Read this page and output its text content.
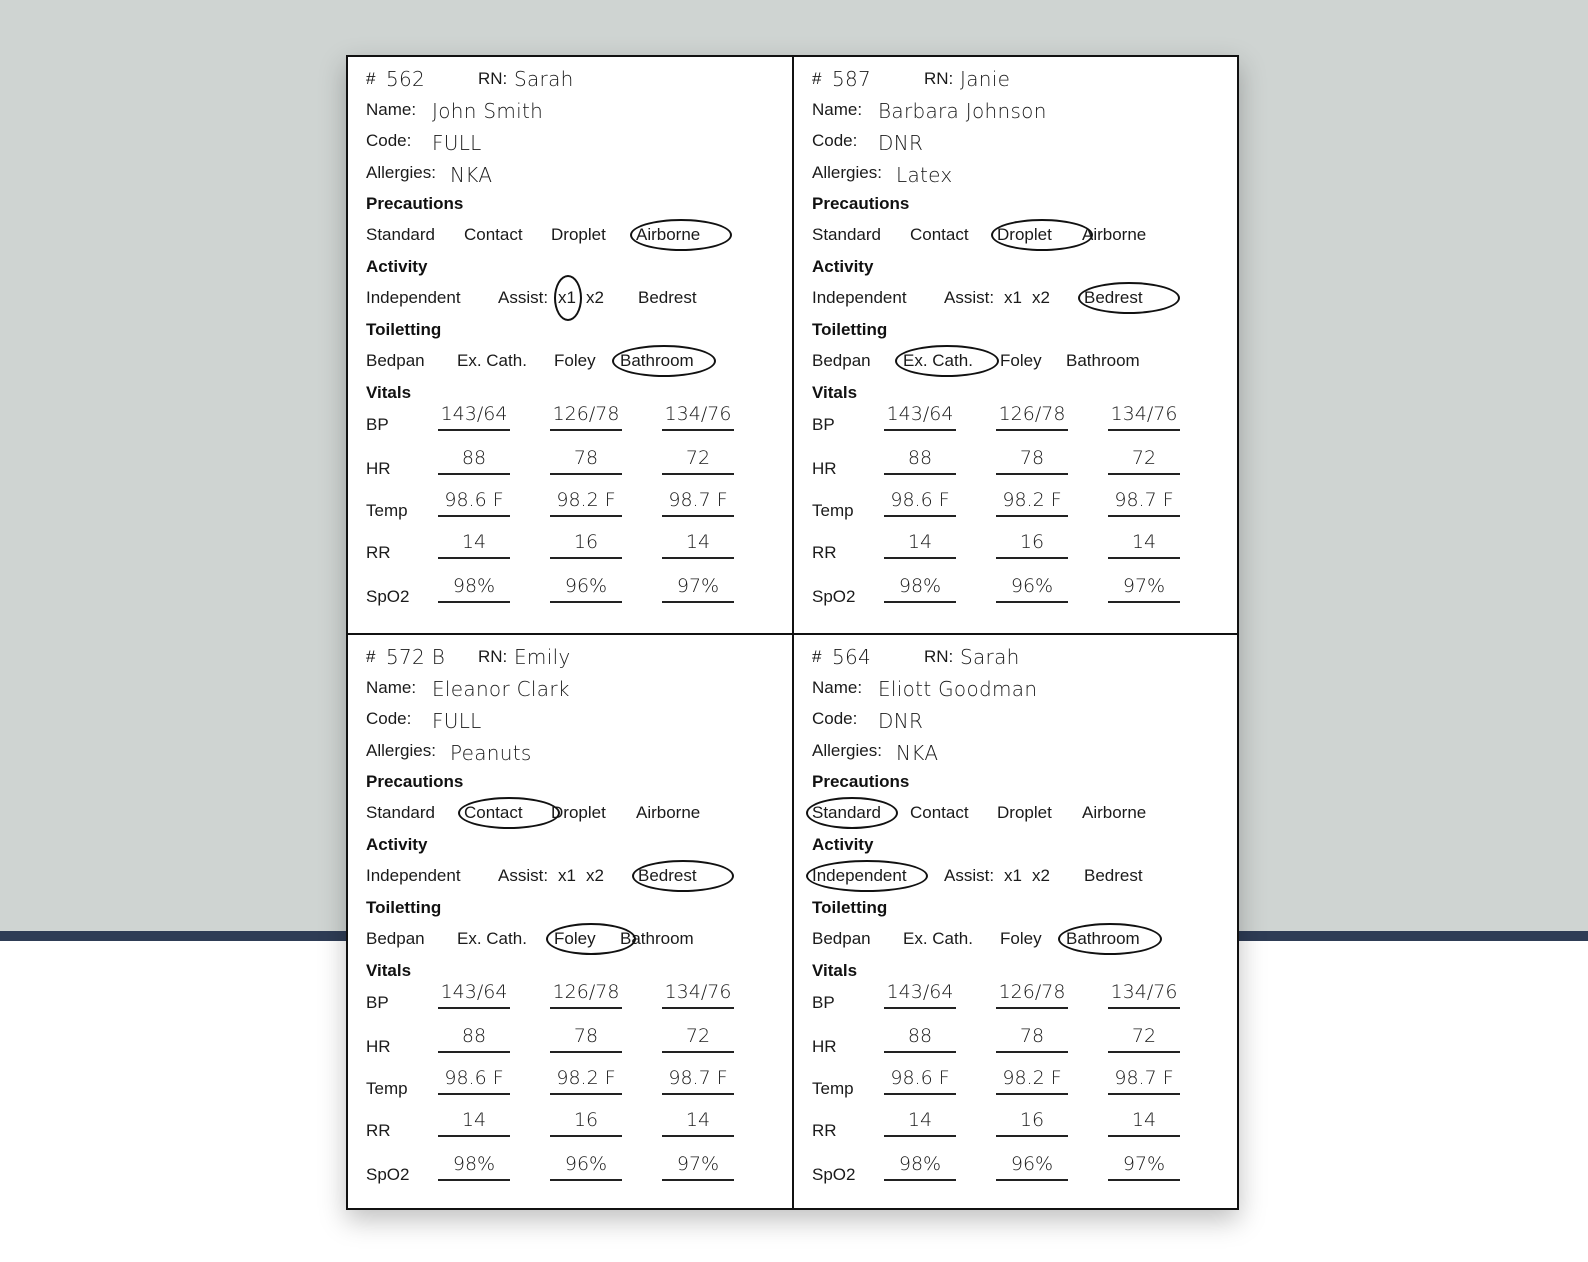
# 562	RN: Sarah
Name: John Smith
Code: FULL
Allergies: NKA
Precautions
Standard Contact Droplet Airborne
Activity
Independent Assist: x1 x2 Bedrest
Toiletting
Bedpan Ex. Cath. Foley Bathroom
Vitals
BP	143/64 126/78 134/76
HR	88	78	72
Temp	98.6 F	98.2 F	98.7 F
RR	14	16	14
SpO2	98%	96%	97%
# 587	RN: Janie
Name: Barbara Johnson
Code: DNR
Allergies: Latex
Precautions
Standard Contact Droplet Airborne
Activity
Independent Assist: x1 x2 Bedrest
Toiletting
Bedpan Ex. Cath. Foley Bathroom
Vitals
BP	143/64 126/78 134/76
HR	88	78	72
Temp	98.6 F	98.2 F	98.7 F
RR	14	16	14
SpO2	98%	96%	97%
# 572 B RN: Emily
Name: Eleanor Clark
Code: FULL
Allergies: Peanuts
Precautions
Standard Contact Droplet Airborne
Activity
Independent Assist: x1 x2 Bedrest
Toiletting
Bedpan Ex. Cath. Foley Bathroom
Vitals
BP	143/64 126/78 134/76
HR	88	78	72
Temp	98.6 F	98.2 F	98.7 F
RR	14	16	14
SpO2	98%	96%	97%
# 564	RN: Sarah
Name: Eliott Goodman
Code: DNR
Allergies: NKA
Precautions
Standard Contact Droplet Airborne
Activity
Independent Assist: x1 x2 Bedrest
Toiletting
Bedpan Ex. Cath. Foley Bathroom
Vitals
BP	143/64 126/78 134/76
HR	88	78	72
Temp	98.6 F	98.2 F	98.7 F
RR	14	16	14
SpO2	98%	96%	97%
